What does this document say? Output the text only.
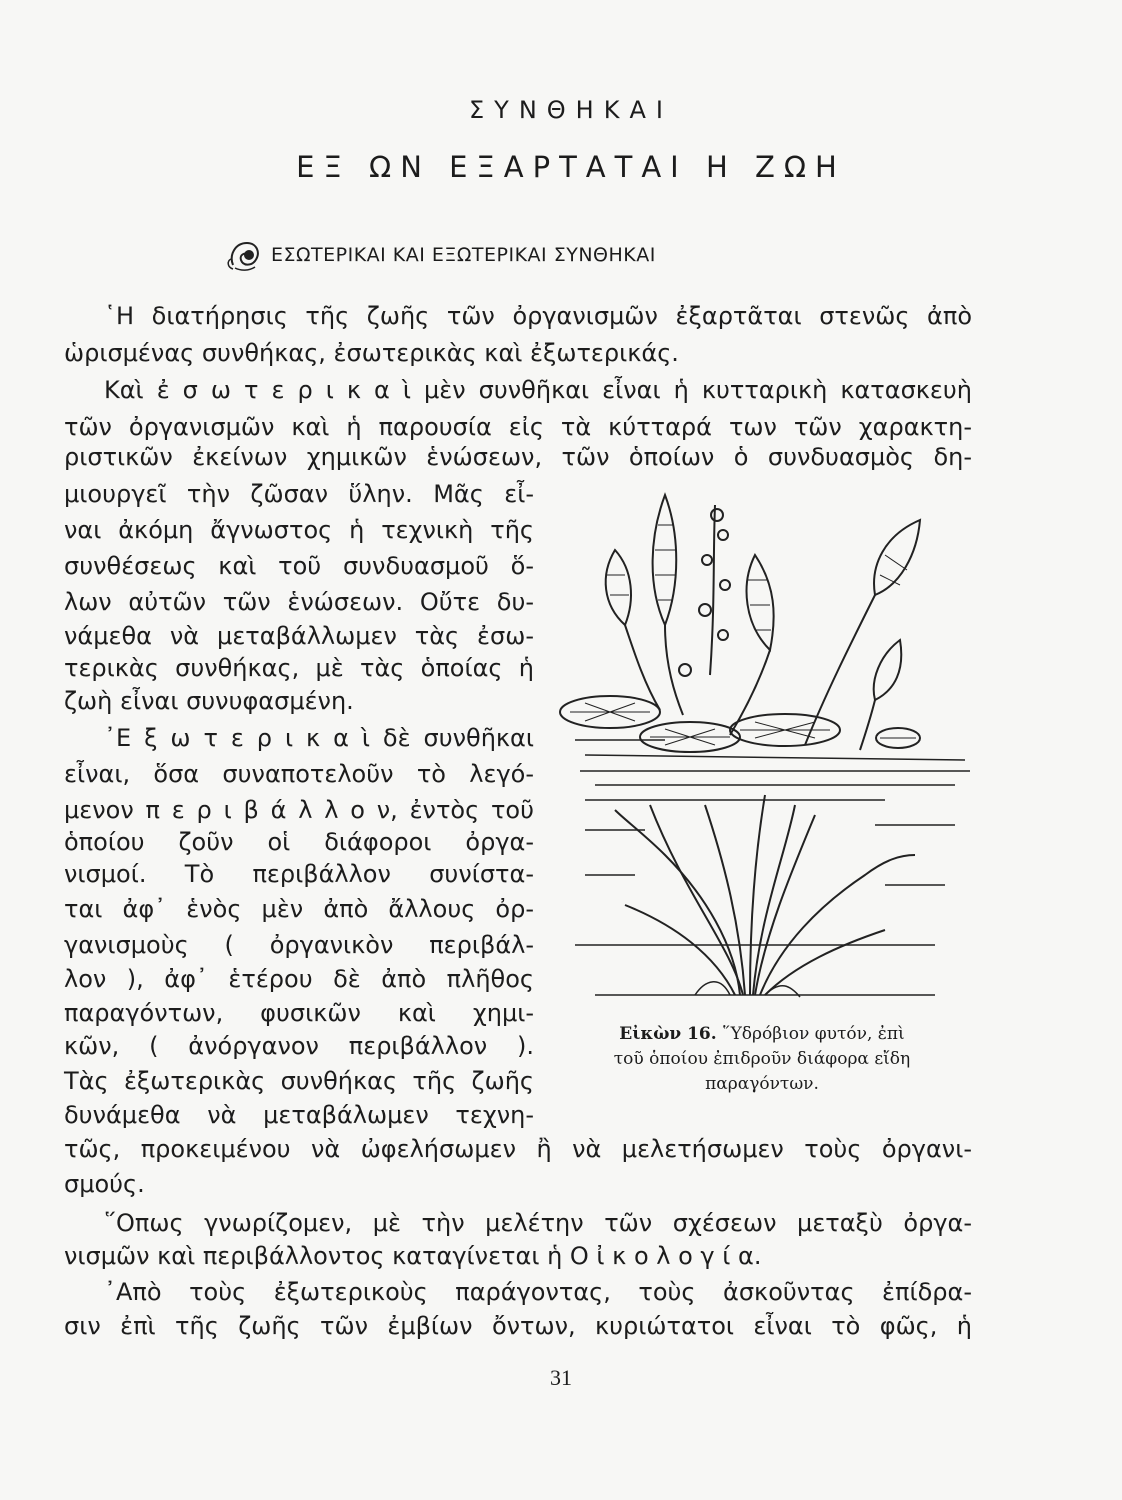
ΣΥΝΘΗΚΑΙ
ΕΞ ΩΝ ΕΞΑΡΤΑΤΑΙ Η ΖΩΗ
ΕΣΩΤΕΡΙΚΑΙ ΚΑΙ ΕΞΩΤΕΡΙΚΑΙ ΣΥΝΘΗΚΑΙ
῾Η διατήρησις τῆς ζωῆς τῶν ὀργανισμῶν ἐξαρτᾶται στενῶς ἀπὸ
ὡρισμένας συνθήκας, ἐσωτερικὰς καὶ ἐξωτερικάς.
Καὶ ἐ σ ω τ ε ρ ι κ α ὶ μὲν συνθῆκαι εἶναι ἡ κυτταρικὴ κατασκευὴ
τῶν ὀργανισμῶν καὶ ἡ παρουσία εἰς τὰ κύτταρά των τῶν χαρακτη-
ριστικῶν ἐκείνων χημικῶν ἑνώσεων, τῶν ὁποίων ὁ συνδυασμὸς δη-
μιουργεῖ τὴν ζῶσαν ὕλην. Μᾶς εἶ-
ναι ἀκόμη ἄγνωστος ἡ τεχνικὴ τῆς
συνθέσεως καὶ τοῦ συνδυασμοῦ ὅ-
λων αὐτῶν τῶν ἑνώσεων. Οὔτε δυ-
νάμεθα νὰ μεταβάλλωμεν τὰς ἐσω-
τερικὰς συνθήκας, μὲ τὰς ὁποίας ἡ
ζωὴ εἶναι συνυφασμένη.
᾿Ε ξ ω τ ε ρ ι κ α ὶ δὲ συνθῆκαι
εἶναι, ὅσα συναποτελοῦν τὸ λεγό-
μενον π ε ρ ι β ά λ λ ο ν, ἐντὸς τοῦ
ὁποίου ζοῦν οἱ διάφοροι ὀργα-
νισμοί. Τὸ περιβάλλον συνίστα-
ται ἀφ᾿ ἑνὸς μὲν ἀπὸ ἄλλους ὀρ-
γανισμοὺς ( ὀργανικὸν περιβάλ-
λον ), ἀφ᾿ ἑτέρου δὲ ἀπὸ πλῆθος
παραγόντων, φυσικῶν καὶ χημι-
κῶν, ( ἀνόργανον περιβάλλον ).
Τὰς ἐξωτερικὰς συνθήκας τῆς ζωῆς
δυνάμεθα νὰ μεταβάλωμεν τεχνη-
τῶς, προκειμένου νὰ ὠφελήσωμεν ἢ νὰ μελετήσωμεν τοὺς ὀργανι-
σμούς.
῞Οπως γνωρίζομεν, μὲ τὴν μελέτην τῶν σχέσεων μεταξὺ ὀργα-
νισμῶν καὶ περιβάλλοντος καταγίνεται ἡ Ο ἰ κ ο λ ο γ ί α.
᾿Απὸ τοὺς ἐξωτερικοὺς παράγοντας, τοὺς ἀσκοῦντας ἐπίδρα-
σιν ἐπὶ τῆς ζωῆς τῶν ἐμβίων ὄντων, κυριώτατοι εἶναι τὸ φῶς, ἡ
Εἰκὼν 16. ῞Υδρόβιον φυτόν, ἐπὶ
τοῦ ὁποίου ἐπιδροῦν διάφορα εἴδη
παραγόντων.
31
